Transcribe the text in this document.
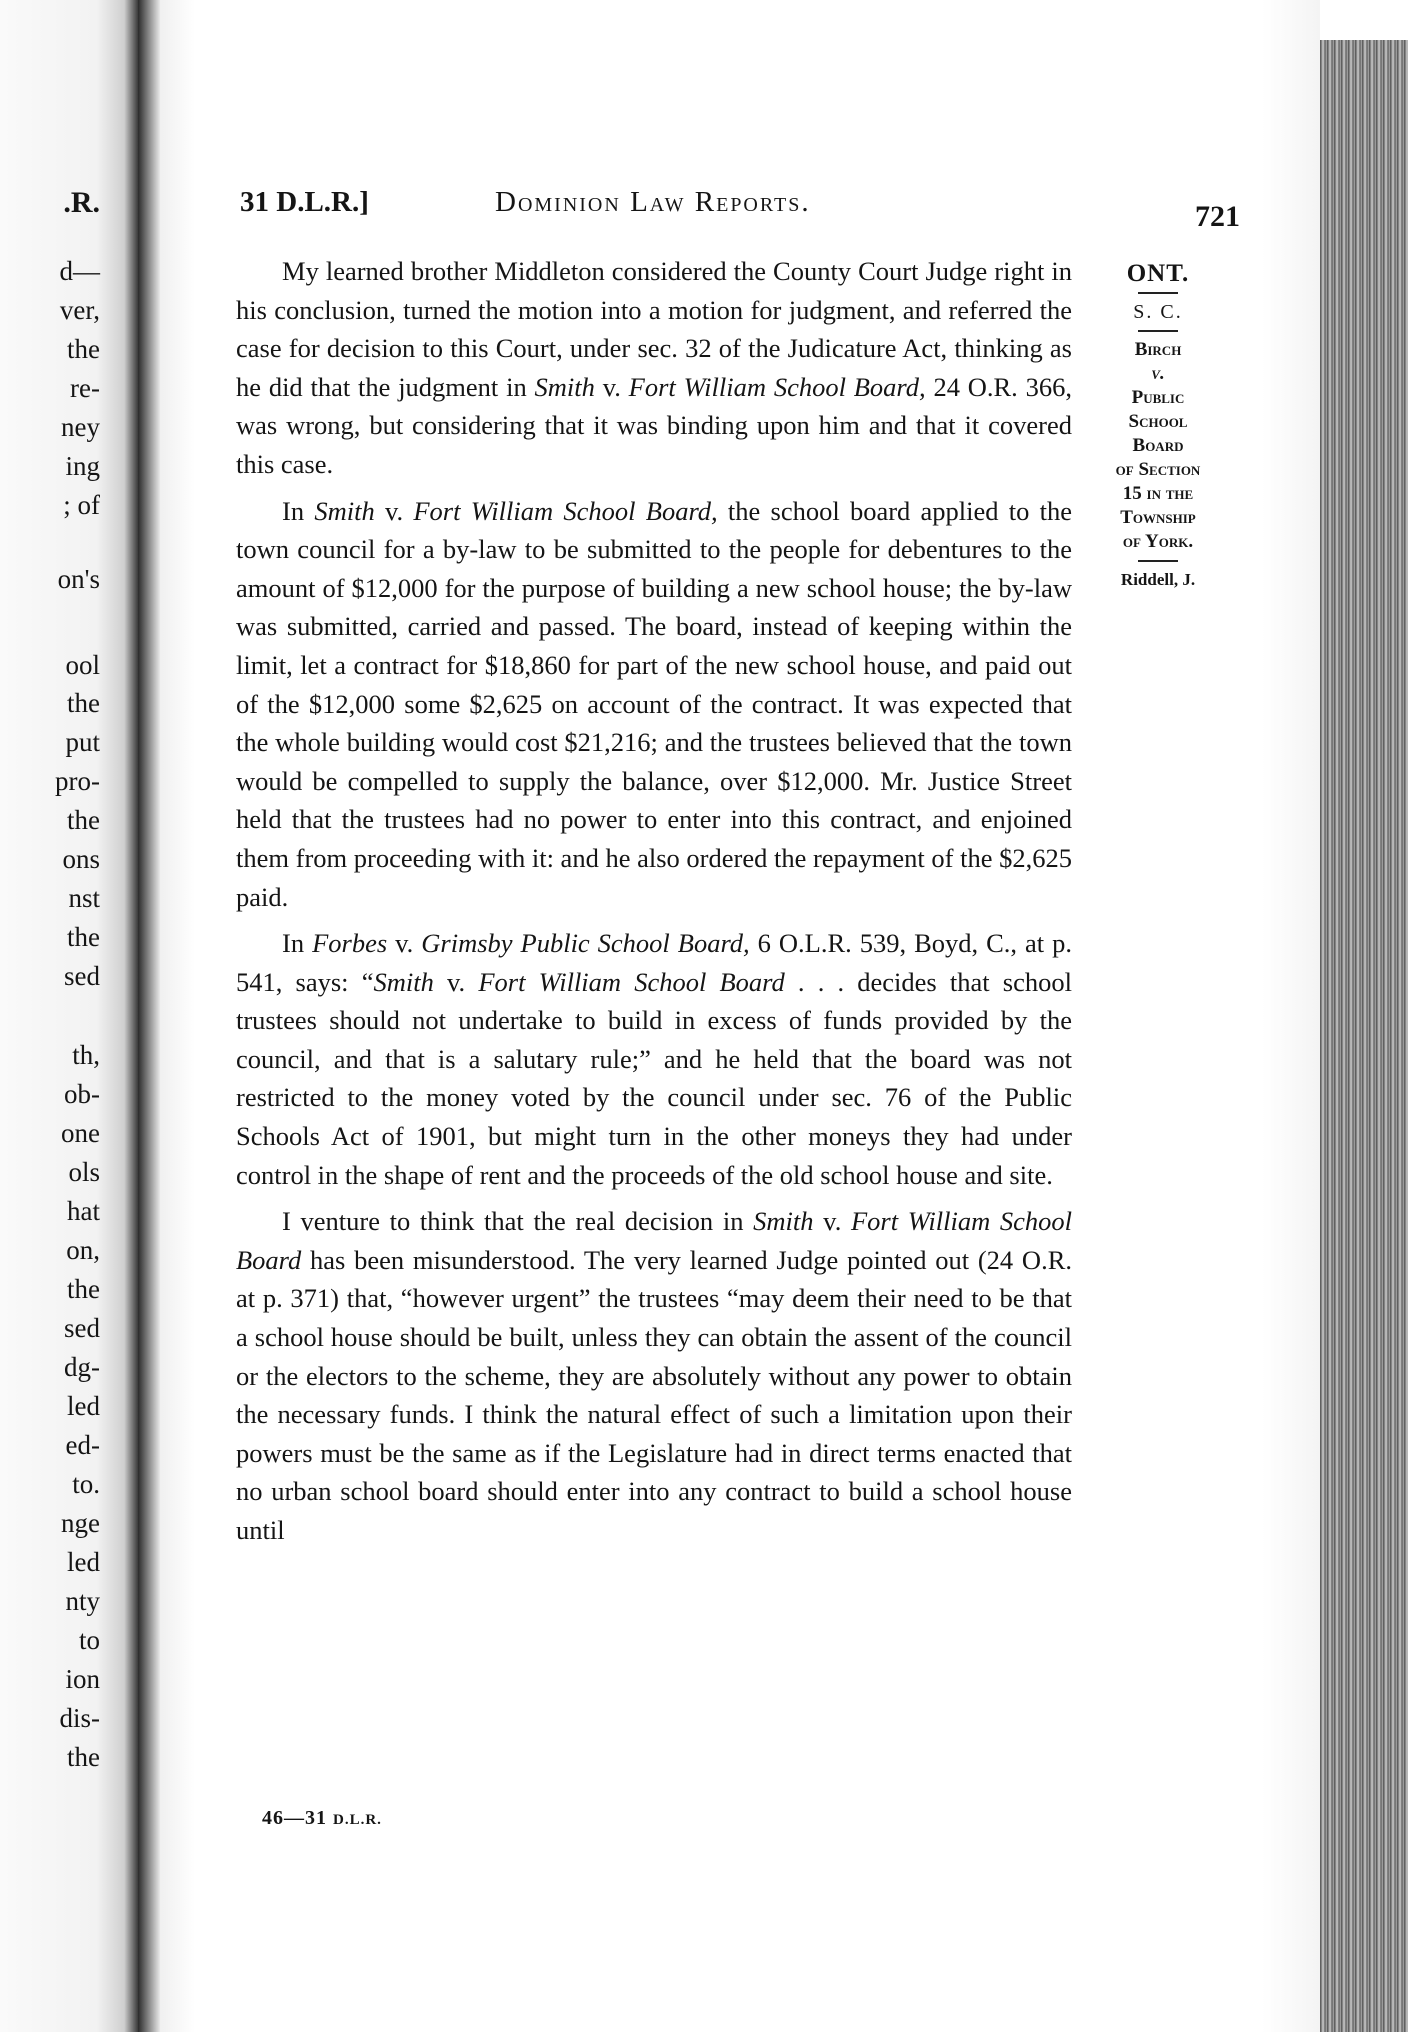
.R.
d—
ver,
the
re-
ney
ing
; of
on's
ool
the
put
pro-
the
ons
nst
the
sed
th,
ob-
one
ols
hat
on,
the
sed
dg-
led
ed-
to.
nge
led
nty
to
ion
dis-
the
31 D.L.R.]	Dominion Law Reports.	721

My learned brother Middleton considered the County Court Judge right in his conclusion, turned the motion into a motion for judgment, and referred the case for decision to this Court, under sec. 32 of the Judicature Act, thinking as he did that the judgment in Smith v. Fort William School Board, 24 O.R. 366, was wrong, but considering that it was binding upon him and that it covered this case.

In Smith v. Fort William School Board, the school board applied to the town council for a by-law to be submitted to the people for debentures to the amount of $12,000 for the purpose of building a new school house; the by-law was submitted, carried and passed. The board, instead of keeping within the limit, let a contract for $18,860 for part of the new school house, and paid out of the $12,000 some $2,625 on account of the contract. It was expected that the whole building would cost $21,216; and the trustees believed that the town would be compelled to supply the balance, over $12,000. Mr. Justice Street held that the trustees had no power to enter into this contract, and enjoined them from proceeding with it: and he also ordered the repayment of the $2,625 paid.

In Forbes v. Grimsby Public School Board, 6 O.L.R. 539, Boyd, C., at p. 541, says: “Smith v. Fort William School Board . . . decides that school trustees should not undertake to build in excess of funds provided by the council, and that is a salutary rule;” and he held that the board was not restricted to the money voted by the council under sec. 76 of the Public Schools Act of 1901, but might turn in the other moneys they had under control in the shape of rent and the proceeds of the old school house and site.

I venture to think that the real decision in Smith v. Fort William School Board has been misunderstood. The very learned Judge pointed out (24 O.R. at p. 371) that, “however urgent” the trustees “may deem their need to be that a school house should be built, unless they can obtain the assent of the council or the electors to the scheme, they are absolutely without any power to obtain the necessary funds. I think the natural effect of such a limitation upon their powers must be the same as if the Legislature had in direct terms enacted that no urban school board should enter into any contract to build a school house until

ONT.
S. C.
Birch
v.
Public
School
Board
of Section
15 in the
Township
of York.
Riddell, J.
46—31 D.L.R.
